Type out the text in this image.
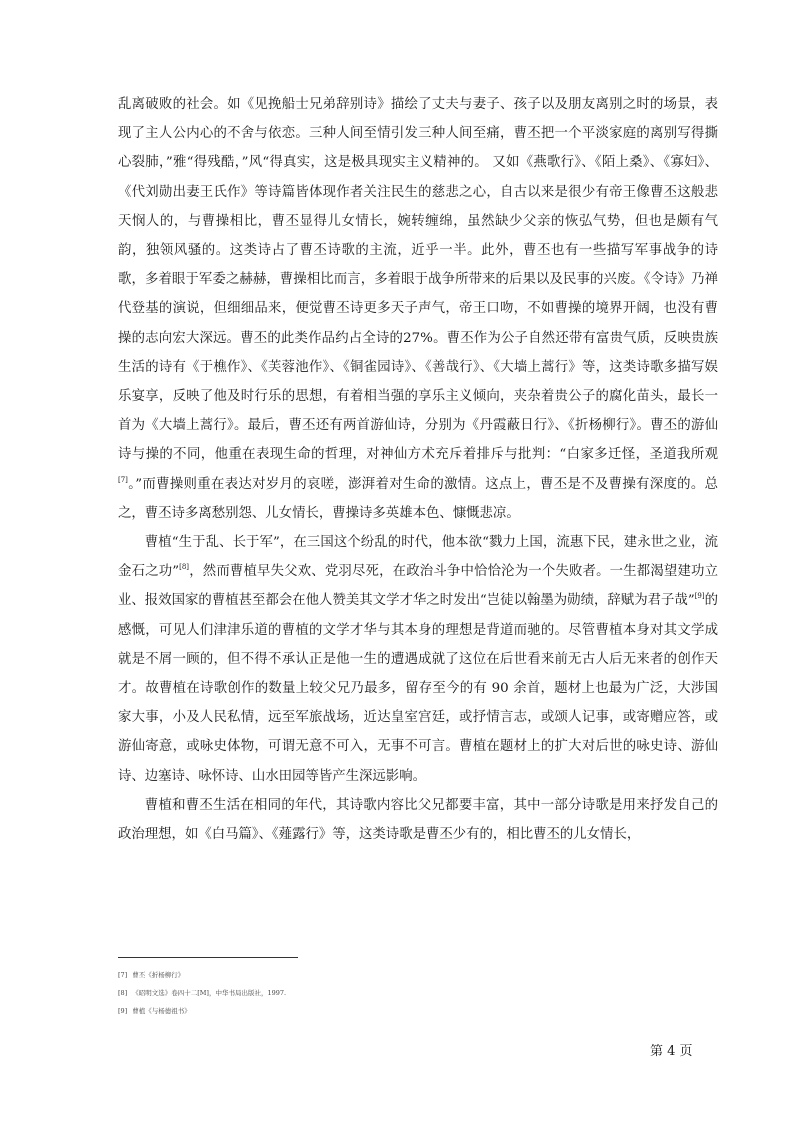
乱离破败的社会。如《见挽船士兄弟辞别诗》描绘了丈夫与妻子、孩子以及朋友离别之时的场景，表现了主人公内心的不舍与依恋。三种人间至情引发三种人间至痛，曹丕把一个平淡家庭的离别写得撕心裂肺，”雅“得残酷，”风“得真实，这是极具现实主义精神的。 又如《燕歌行》、《陌上桑》、《寡妇》、《代刘勋出妻王氏作》等诗篇皆体现作者关注民生的慈悲之心，自古以来是很少有帝王像曹丕这般悲天悯人的，与曹操相比，曹丕显得儿女情长，婉转缠绵，虽然缺少父亲的恢弘气势，但也是颇有气韵，独领风骚的。这类诗占了曹丕诗歌的主流，近乎一半。此外，曹丕也有一些描写军事战争的诗歌，多着眼于军委之赫赫，曹操相比而言，多着眼于战争所带来的后果以及民事的兴废。《令诗》乃禅代登基的演说，但细细品来，便觉曹丕诗更多天子声气，帝王口吻，不如曹操的境界开阔，也没有曹操的志向宏大深远。曹丕的此类作品约占全诗的27%。曹丕作为公子自然还带有富贵气质，反映贵族生活的诗有《于樵作》、《芙蓉池作》、《铜雀园诗》、《善哉行》、《大墙上蒿行》等，这类诗歌多描写娱乐宴享，反映了他及时行乐的思想，有着相当强的享乐主义倾向，夹杂着贵公子的腐化苗头，最长一首为《大墙上蒿行》。最后，曹丕还有两首游仙诗，分别为《丹霞蔽日行》、《折杨柳行》。曹丕的游仙诗与操的不同，他重在表现生命的哲理，对神仙方术充斥着排斥与批判：“白家多迁怪，圣道我所观[7]。”而曹操则重在表达对岁月的哀嗟，澎湃着对生命的激情。这点上，曹丕是不及曹操有深度的。总之，曹丕诗多离愁别怨、儿女情长，曹操诗多英雄本色、慷慨悲凉。

曹植“生于乱、长于军”，在三国这个纷乱的时代，他本欲“戮力上国，流惠下民，建永世之业，流金石之功”[8]，然而曹植早失父欢、党羽尽死，在政治斗争中恰恰沦为一个失败者。一生都渴望建功立业、报效国家的曹植甚至都会在他人赞美其文学才华之时发出“岂徒以翰墨为勋绩，辞赋为君子哉”[9]的感慨，可见人们津津乐道的曹植的文学才华与其本身的理想是背道而驰的。尽管曹植本身对其文学成就是不屑一顾的，但不得不承认正是他一生的遭遇成就了这位在后世看来前无古人后无来者的创作天才。故曹植在诗歌创作的数量上较父兄乃最多，留存至今的有 90 余首，题材上也最为广泛，大涉国家大事，小及人民私情，远至军旅战场，近达皇室宫廷，或抒情言志，或颂人记事，或寄赠应答，或游仙寄意，或咏史体物，可谓无意不可入，无事不可言。曹植在题材上的扩大对后世的咏史诗、游仙诗、边塞诗、咏怀诗、山水田园等皆产生深远影响。

曹植和曹丕生活在相同的年代，其诗歌内容比父兄都要丰富，其中一部分诗歌是用来抒发自己的政治理想，如《白马篇》、《薤露行》等，这类诗歌是曹丕少有的，相比曹丕的儿女情长，

[7] 曹丕《折杨柳行》

[8] 《昭明文选》卷四十二[M]，中华书局出版社，1997.

[9] 曹植《与杨德祖书》

第 4 页
